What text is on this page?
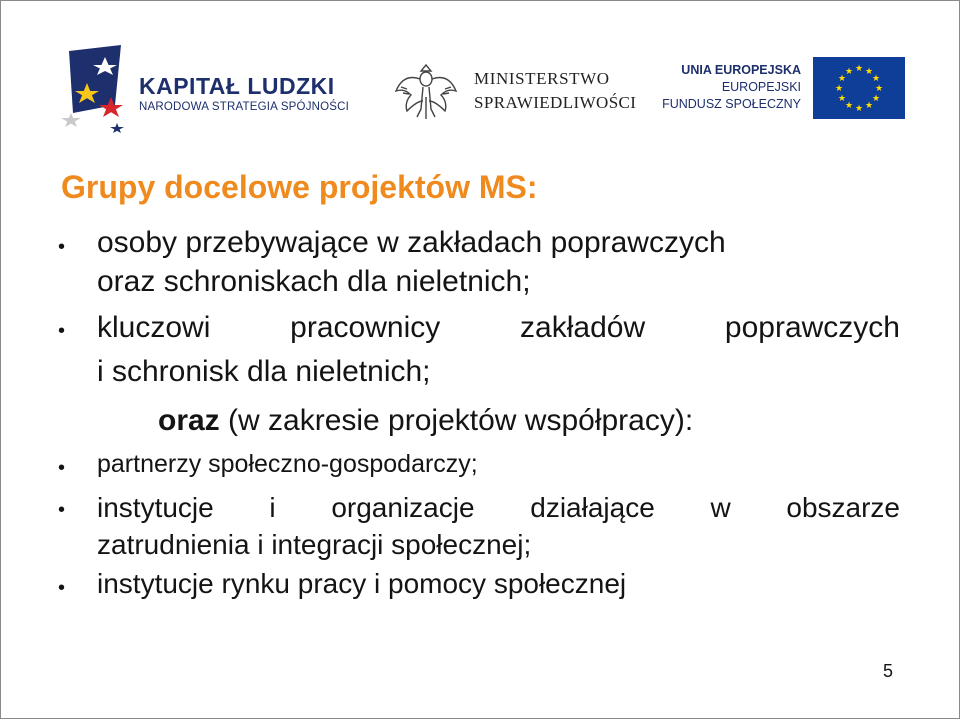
KAPITAŁ LUDZKI
NARODOWA STRATEGIA SPÓJNOŚCI
MINISTERSTWO
SPRAWIEDLIWOŚCI
UNIA EUROPEJSKA
EUROPEJSKI
FUNDUSZ SPOŁECZNY
★ ★
★
★
★
★
★
★
★
★
★
★
Grupy docelowe projektów MS:
• osoby przebywające w zakładach poprawczych
oraz schroniskach dla nieletnich;
• kluczowi pracownicy zakładów poprawczych
i schronisk dla nieletnich;
oraz (w zakresie projektów współpracy):
• partnerzy społeczno-gospodarczy;
• instytucje i organizacje działające w obszarze
zatrudnienia i integracji społecznej;
• instytucje rynku pracy i pomocy społecznej
5
